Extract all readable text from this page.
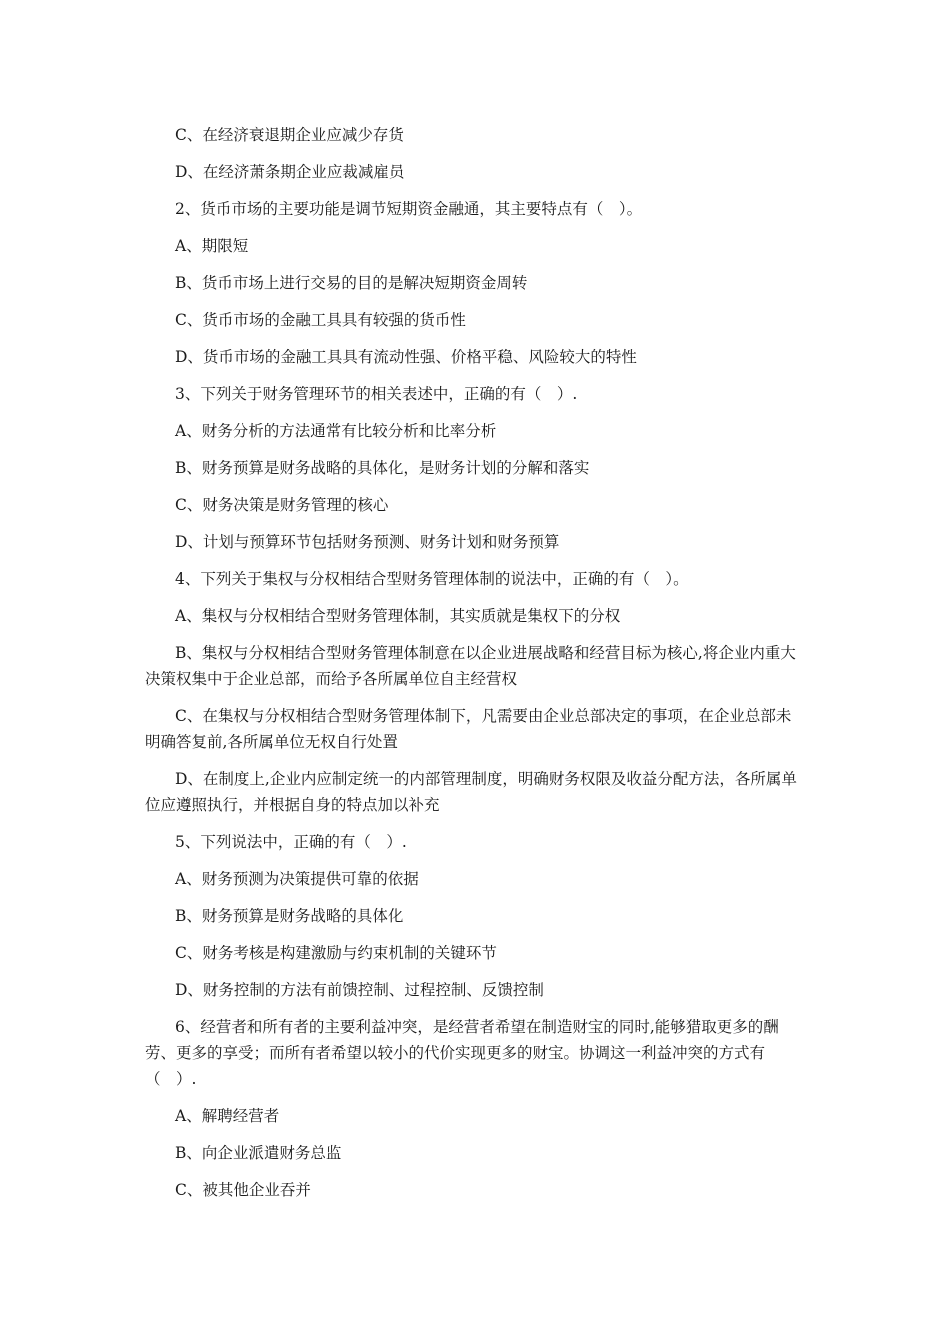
C、在经济衰退期企业应减少存货

D、在经济萧条期企业应裁减雇员

2、货币市场的主要功能是调节短期资金融通，其主要特点有（　）。

A、期限短

B、货币市场上进行交易的目的是解决短期资金周转

C、货币市场的金融工具具有较强的货币性

D、货币市场的金融工具具有流动性强、价格平稳、风险较大的特性

3、下列关于财务管理环节的相关表述中，正确的有（　）.

A、财务分析的方法通常有比较分析和比率分析

B、财务预算是财务战略的具体化，是财务计划的分解和落实

C、财务决策是财务管理的核心

D、计划与预算环节包括财务预测、财务计划和财务预算

4、下列关于集权与分权相结合型财务管理体制的说法中，正确的有（　）。

A、集权与分权相结合型财务管理体制，其实质就是集权下的分权

B、集权与分权相结合型财务管理体制意在以企业进展战略和经营目标为核心,将企业内重大决策权集中于企业总部，而给予各所属单位自主经营权

C、在集权与分权相结合型财务管理体制下，凡需要由企业总部决定的事项，在企业总部未明确答复前,各所属单位无权自行处置

D、在制度上,企业内应制定统一的内部管理制度，明确财务权限及收益分配方法，各所属单位应遵照执行，并根据自身的特点加以补充

5、下列说法中，正确的有（　）.

A、财务预测为决策提供可靠的依据

B、财务预算是财务战略的具体化

C、财务考核是构建激励与约束机制的关键环节

D、财务控制的方法有前馈控制、过程控制、反馈控制

6、经营者和所有者的主要利益冲突，是经营者希望在制造财宝的同时,能够猎取更多的酬劳、更多的享受；而所有者希望以较小的代价实现更多的财宝。协调这一利益冲突的方式有（　）.

A、解聘经营者

B、向企业派遣财务总监

C、被其他企业吞并
